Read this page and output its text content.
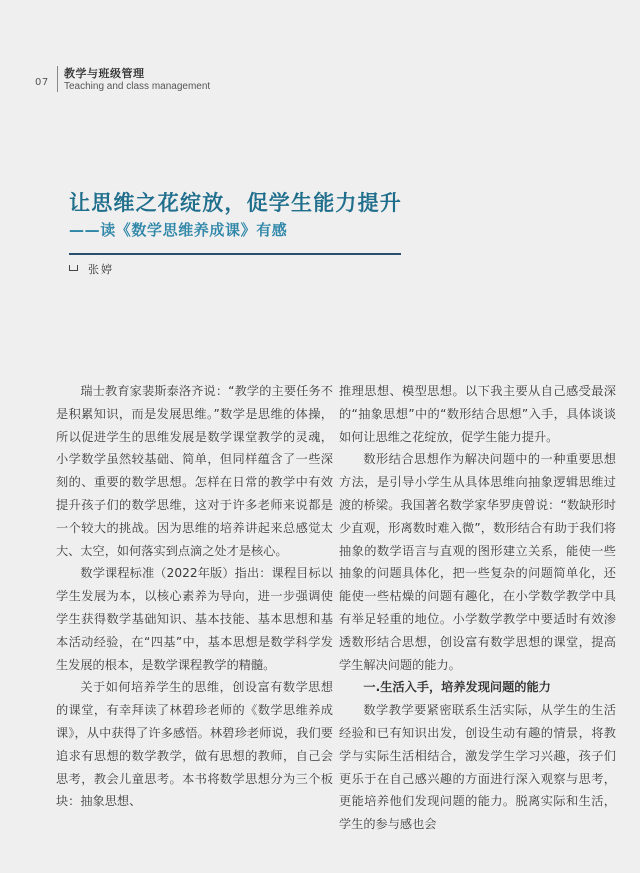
07
教学与班级管理
Teaching and class management
让思维之花绽放，促学生能力提升
——读《数学思维养成课》有感
张婷

瑞士教育家裴斯泰洛齐说：“教学的主要任务不是积累知识，而是发展思维。”数学是思维的体操，所以促进学生的思维发展是数学课堂教学的灵魂，小学数学虽然较基础、简单，但同样蕴含了一些深刻的、重要的数学思想。怎样在日常的教学中有效提升孩子们的数学思维，这对于许多老师来说都是一个较大的挑战。因为思维的培养讲起来总感觉太大、太空，如何落实到点滴之处才是核心。

数学课程标准（2022年版）指出：课程目标以学生发展为本，以核心素养为导向，进一步强调使学生获得数学基础知识、基本技能、基本思想和基本活动经验，在“四基”中，基本思想是数学科学发生发展的根本，是数学课程教学的精髓。

关于如何培养学生的思维，创设富有数学思想的课堂，有幸拜读了林碧珍老师的《数学思维养成课》，从中获得了许多感悟。林碧珍老师说，我们要追求有思想的数学教学，做有思想的教师，自己会思考，教会儿童思考。本书将数学思想分为三个板块：抽象思想、

推理思想、模型思想。以下我主要从自己感受最深的“抽象思想”中的“数形结合思想”入手，具体谈谈如何让思维之花绽放，促学生能力提升。

数形结合思想作为解决问题中的一种重要思想方法，是引导小学生从具体思维向抽象逻辑思维过渡的桥梁。我国著名数学家华罗庚曾说：“数缺形时少直观，形离数时难入微”，数形结合有助于我们将抽象的数学语言与直观的图形建立关系，能使一些抽象的问题具体化，把一些复杂的问题简单化，还能使一些枯燥的问题有趣化，在小学数学教学中具有举足轻重的地位。小学数学教学中要适时有效渗透数形结合思想，创设富有数学思想的课堂，提高学生解决问题的能力。

一.生活入手，培养发现问题的能力

数学教学要紧密联系生活实际，从学生的生活经验和已有知识出发，创设生动有趣的情景，将教学与实际生活相结合，激发学生学习兴趣，孩子们更乐于在自己感兴趣的方面进行深入观察与思考，更能培养他们发现问题的能力。脱离实际和生活，学生的参与感也会
